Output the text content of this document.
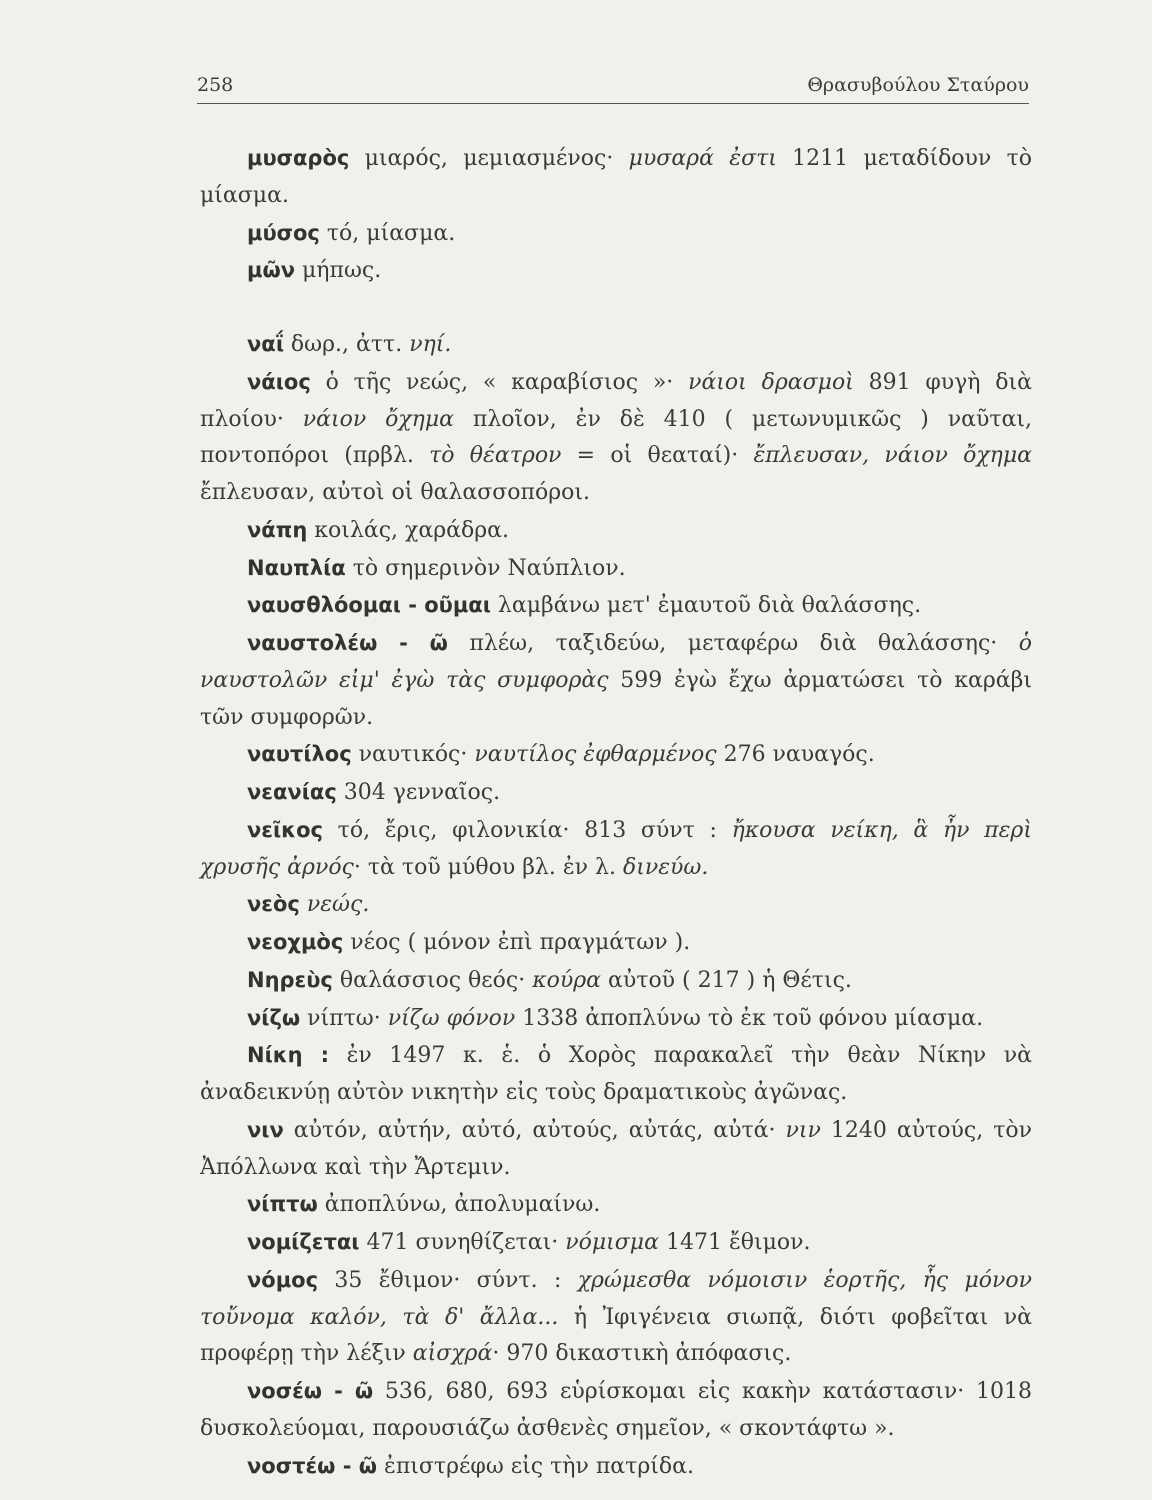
258	Θρασυβούλου Σταύρου

μυσαρὸς μιαρός, μεμιασμένος· μυσαρά ἐστι 1211 μεταδίδουν τὸ μίασμα.

μύσος τό, μίασμα.

μῶν μήπως.

ναΐ δωρ., ἀττ. νηί.

νάιος ὁ τῆς νεώς, « καραβίσιος »· νάιοι δρασμοὶ 891 φυγὴ διὰ πλοίου· νάιον ὄχημα πλοῖον, ἐν δὲ 410 ( μετωνυμικῶς ) ναῦται, ποντοπόροι (πρβλ. τὸ θέατρον = οἱ θεαταί)· ἔπλευσαν, νάιον ὄχημα ἔπλευσαν, αὐτοὶ οἱ θαλασσοπόροι.

νάπη κοιλάς, χαράδρα.

Ναυπλία τὸ σημερινὸν Ναύπλιον.

ναυσθλόομαι - οῦμαι λαμβάνω μετ' ἐμαυτοῦ διὰ θαλάσσης.

ναυστολέω - ῶ πλέω, ταξιδεύω, μεταφέρω διὰ θαλάσσης· ὁ ναυστολῶν εἰμ' ἐγὼ τὰς συμφορὰς 599 ἐγὼ ἔχω ἀρματώσει τὸ καράβι τῶν συμφορῶν.

ναυτίλος ναυτικός· ναυτίλος ἐφθαρμένος 276 ναυαγός.

νεανίας 304 γενναῖος.

νεῖκος τό, ἔρις, φιλονικία· 813 σύντ : ἤκουσα νείκη, ἃ ἦν περὶ χρυσῆς ἀρνός· τὰ τοῦ μύθου βλ. ἐν λ. δινεύω.

νεὸς νεώς.

νεοχμὸς νέος ( μόνον ἐπὶ πραγμάτων ).

Νηρεὺς θαλάσσιος θεός· κούρα αὐτοῦ ( 217 ) ἡ Θέτις.

νίζω νίπτω· νίζω φόνον 1338 ἀποπλύνω τὸ ἐκ τοῦ φόνου μίασμα.

Νίκη : ἐν 1497 κ. ἑ. ὁ Χορὸς παρακαλεῖ τὴν θεὰν Νίκην νὰ ἀναδεικνύῃ αὐτὸν νικητὴν εἰς τοὺς δραματικοὺς ἀγῶνας.

νιν αὐτόν, αὐτήν, αὐτό, αὐτούς, αὐτάς, αὐτά· νιν 1240 αὐτούς, τὸν Ἀπόλλωνα καὶ τὴν Ἄρτεμιν.

νίπτω ἀποπλύνω, ἀπολυμαίνω.

νομίζεται 471 συνηθίζεται· νόμισμα 1471 ἔθιμον.

νόμος 35 ἔθιμον· σύντ. : χρώμεσθα νόμοισιν ἑορτῆς, ἧς μόνον τοὔνομα καλόν, τὰ δ' ἄλλα... ἡ Ἰφιγένεια σιωπᾷ, διότι φοβεῖται νὰ προφέρῃ τὴν λέξιν αἰσχρά· 970 δικαστικὴ ἀπόφασις.

νοσέω - ῶ 536, 680, 693 εὑρίσκομαι εἰς κακὴν κατάστασιν· 1018 δυσκολεύομαι, παρουσιάζω ἀσθενὲς σημεῖον, « σκοντάφτω ».

νοστέω - ῶ ἐπιστρέφω εἰς τὴν πατρίδα.
